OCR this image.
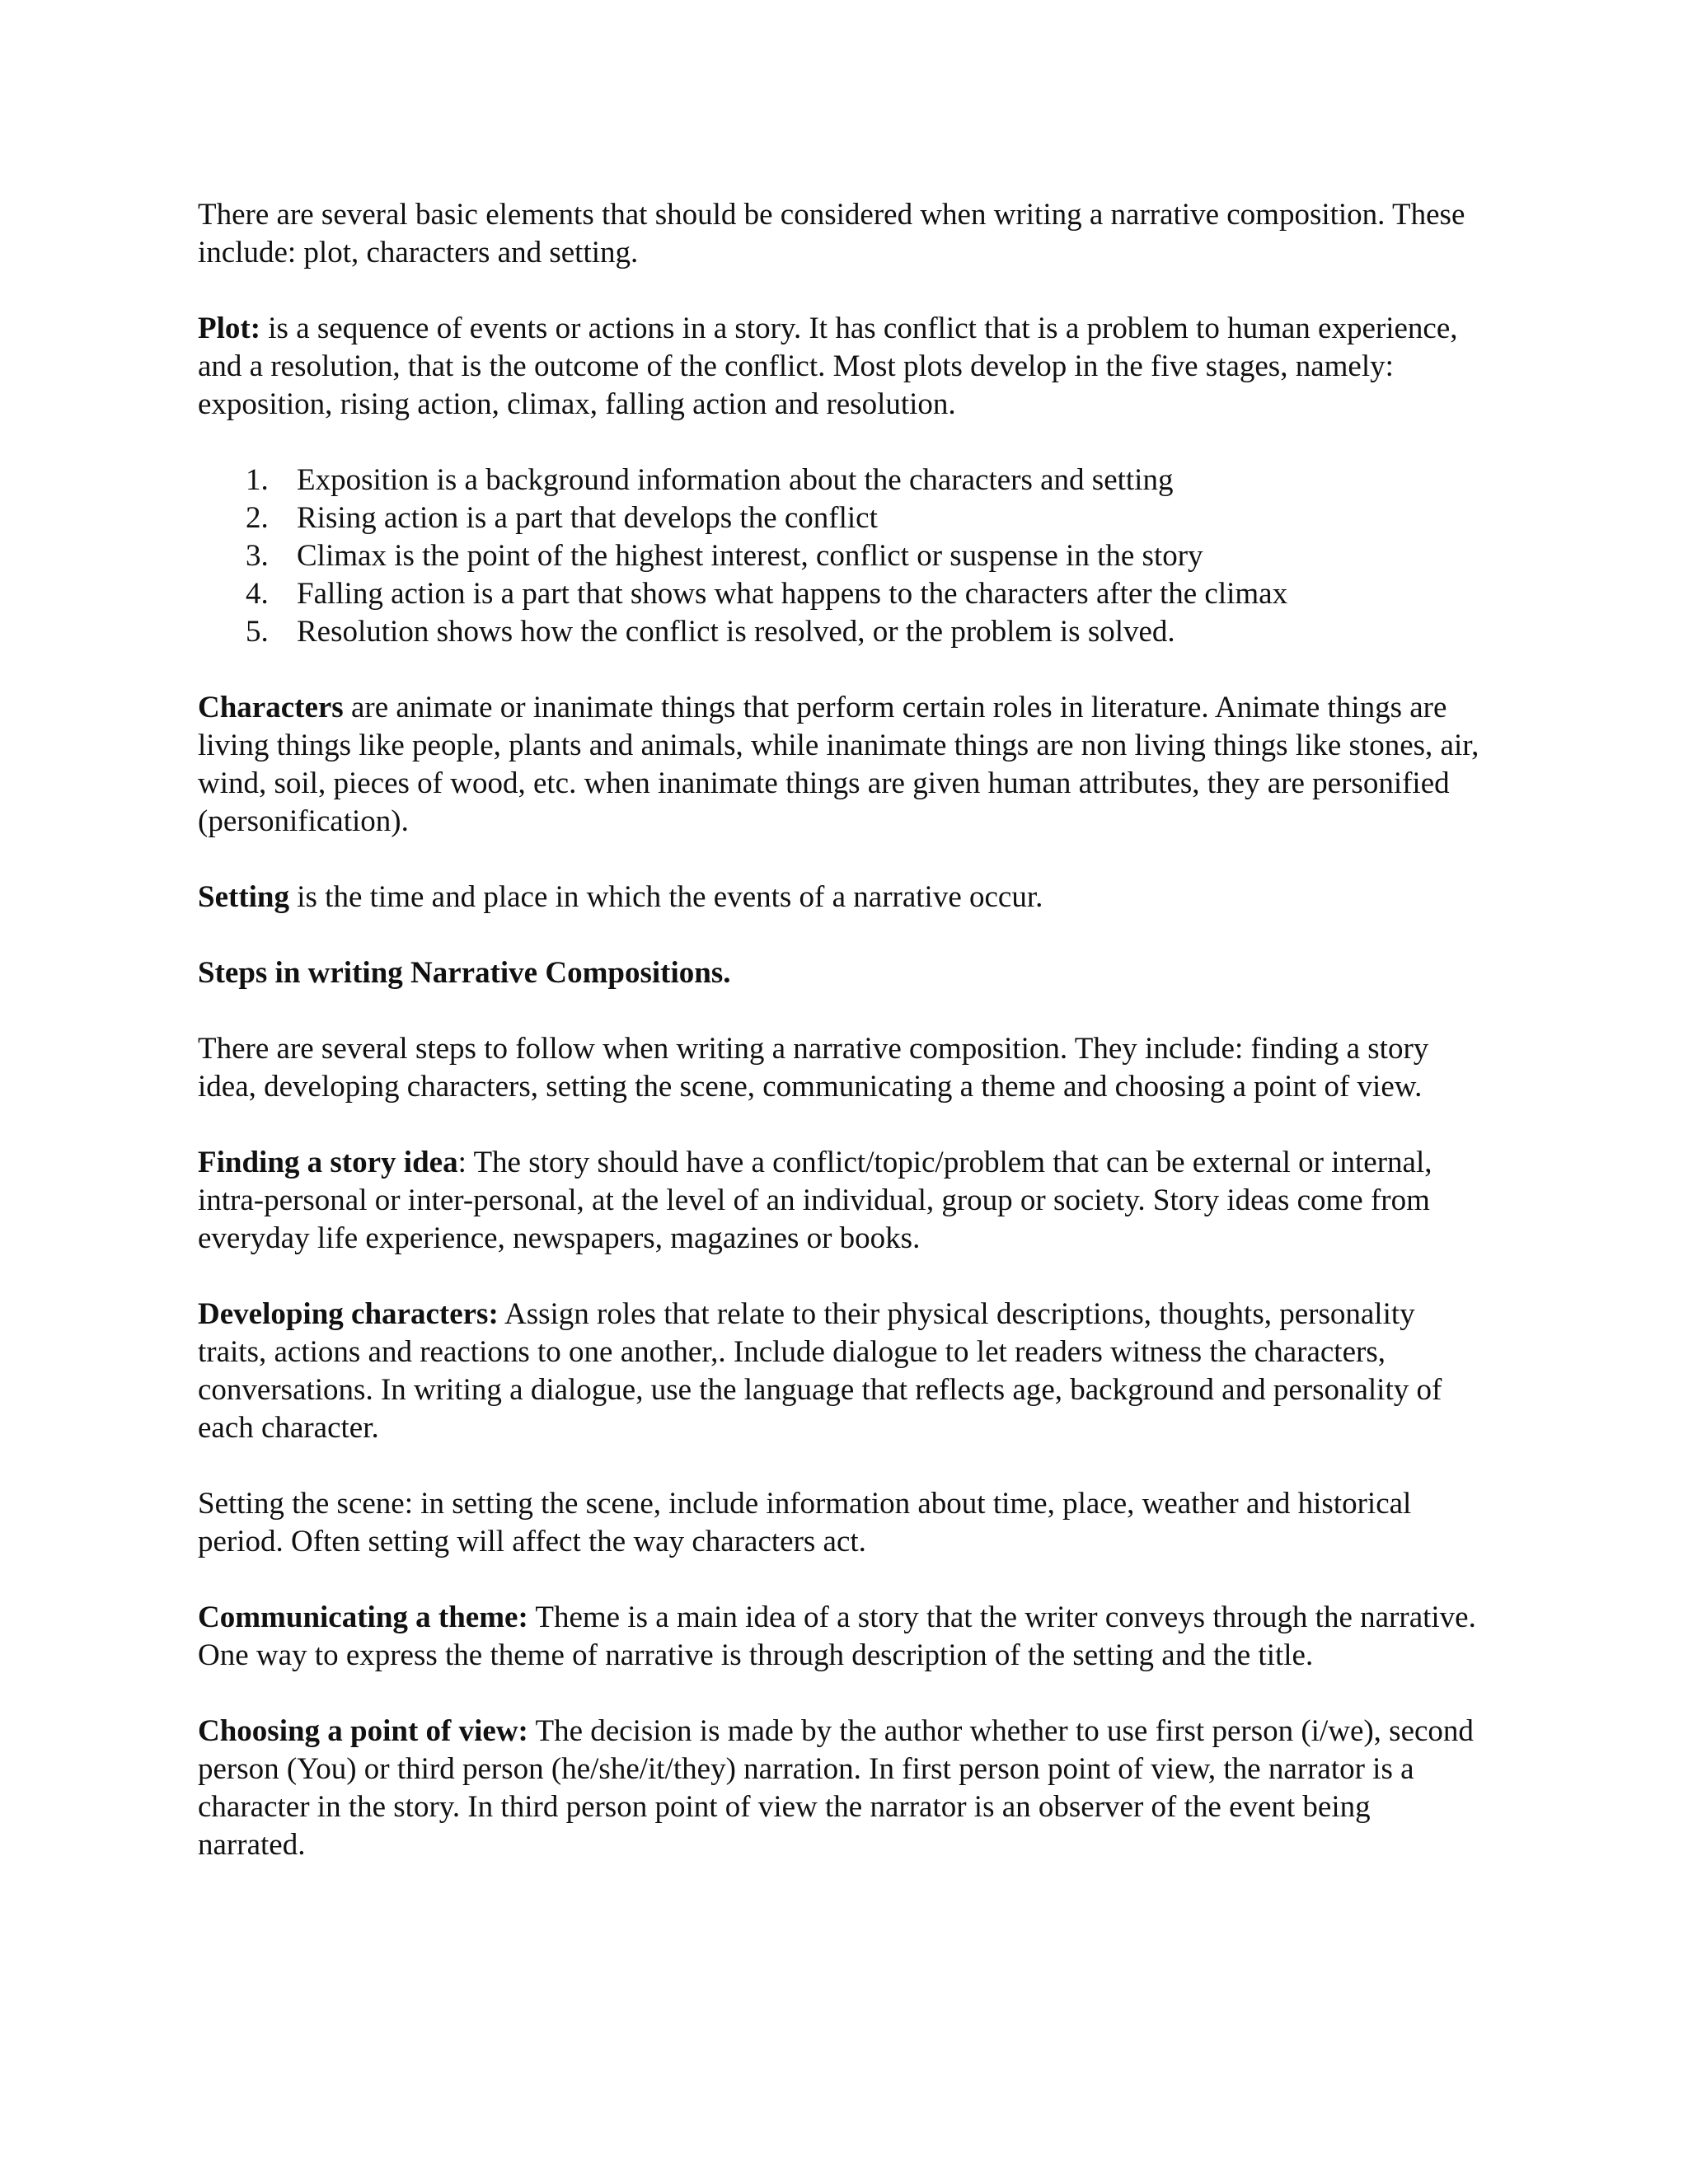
There are several basic elements that should be considered when writing a narrative composition. These include: plot, characters and setting.

Plot: is a sequence of events or actions in a story. It has conflict that is a problem to human experience, and a resolution, that is the outcome of the conflict. Most plots develop in the five stages, namely: exposition, rising action, climax, falling action and resolution.

1. Exposition is a background information about the characters and setting
2. Rising action is a part that develops the conflict
3. Climax is the point of the highest interest, conflict or suspense in the story
4. Falling action is a part that shows what happens to the characters after the climax
5. Resolution shows how the conflict is resolved, or the problem is solved.

Characters are animate or inanimate things that perform certain roles in literature. Animate things are living things like people, plants and animals, while inanimate things are non living things like stones, air, wind, soil, pieces of wood, etc. when inanimate things are given human attributes, they are personified (personification).

Setting is the time and place in which the events of a narrative occur.

Steps in writing Narrative Compositions.

There are several steps to follow when writing a narrative composition. They include: finding a story idea, developing characters, setting the scene, communicating a theme and choosing a point of view.

Finding a story idea: The story should have a conflict/topic/problem that can be external or internal, intra-personal or inter-personal, at the level of an individual, group or society. Story ideas come from everyday life experience, newspapers, magazines or books.

Developing characters: Assign roles that relate to their physical descriptions, thoughts, personality traits, actions and reactions to one another,. Include dialogue to let readers witness the characters, conversations. In writing a dialogue, use the language that reflects age, background and personality of each character.

Setting the scene: in setting the scene, include information about time, place, weather and historical period. Often setting will affect the way characters act.

Communicating a theme: Theme is a main idea of a story that the writer conveys through the narrative. One way to express the theme of narrative is through description of the setting and the title.

Choosing a point of view: The decision is made by the author whether to use first person (i/we), second person (You) or third person (he/she/it/they) narration. In first person point of view, the narrator is a character in the story. In third person point of view the narrator is an observer of the event being narrated.
